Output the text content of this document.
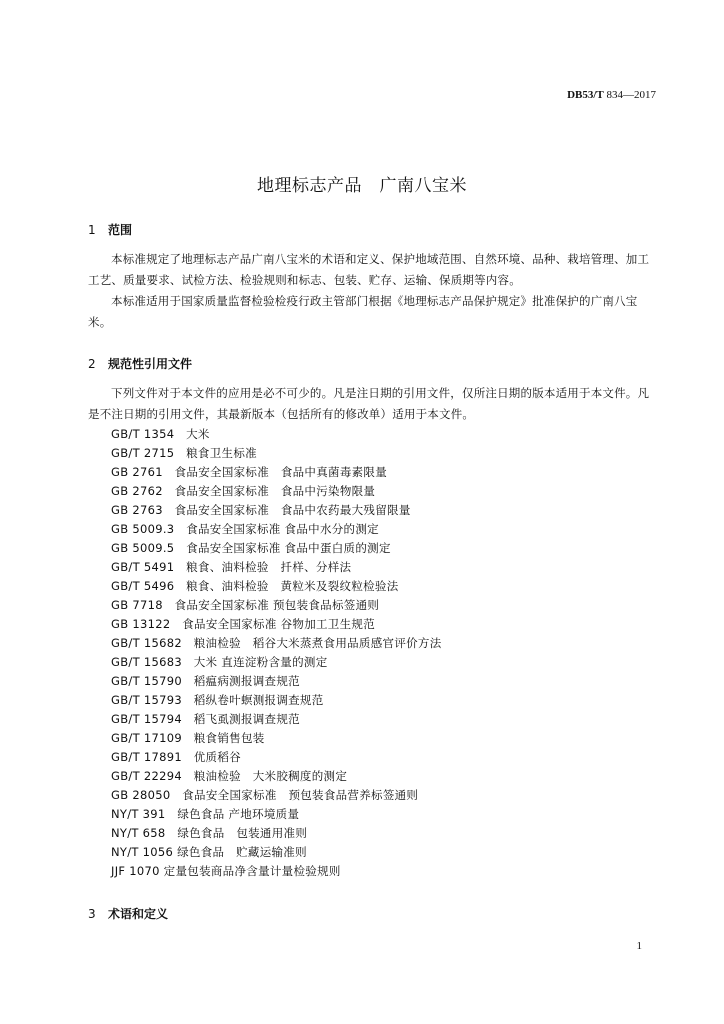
DB53/T 834—2017
地理标志产品　广南八宝米
1 范围

本标准规定了地理标志产品广南八宝米的术语和定义、保护地域范围、自然环境、品种、栽培管理、加工工艺、质量要求、试检方法、检验规则和标志、包装、贮存、运输、保质期等内容。

本标准适用于国家质量监督检验检疫行政主管部门根据《地理标志产品保护规定》批准保护的广南八宝米。

2 规范性引用文件

下列文件对于本文件的应用是必不可少的。凡是注日期的引用文件，仅所注日期的版本适用于本文件。凡是不注日期的引用文件，其最新版本（包括所有的修改单）适用于本文件。

GB/T 1354　大米
GB/T 2715　粮食卫生标准
GB 2761　食品安全国家标准　食品中真菌毒素限量
GB 2762　食品安全国家标准　食品中污染物限量
GB 2763　食品安全国家标准　食品中农药最大残留限量
GB 5009.3　食品安全国家标准 食品中水分的测定
GB 5009.5　食品安全国家标准 食品中蛋白质的测定
GB/T 5491　粮食、油料检验　扦样、分样法
GB/T 5496　粮食、油料检验　黄粒米及裂纹粒检验法
GB 7718　食品安全国家标准 预包装食品标签通则
GB 13122　食品安全国家标准 谷物加工卫生规范
GB/T 15682　粮油检验　稻谷大米蒸煮食用品质感官评价方法
GB/T 15683　大米 直连淀粉含量的测定
GB/T 15790　稻瘟病测报调查规范
GB/T 15793　稻纵卷叶螟测报调查规范
GB/T 15794　稻飞虱测报调查规范
GB/T 17109　粮食销售包装
GB/T 17891　优质稻谷
GB/T 22294　粮油检验　大米胶稠度的测定
GB 28050　食品安全国家标准　预包装食品营养标签通则
NY/T 391　绿色食品 产地环境质量
NY/T 658　绿色食品　包装通用准则
NY/T 1056 绿色食品　贮藏运输准则
JJF 1070 定量包装商品净含量计量检验规则
3 术语和定义
1
